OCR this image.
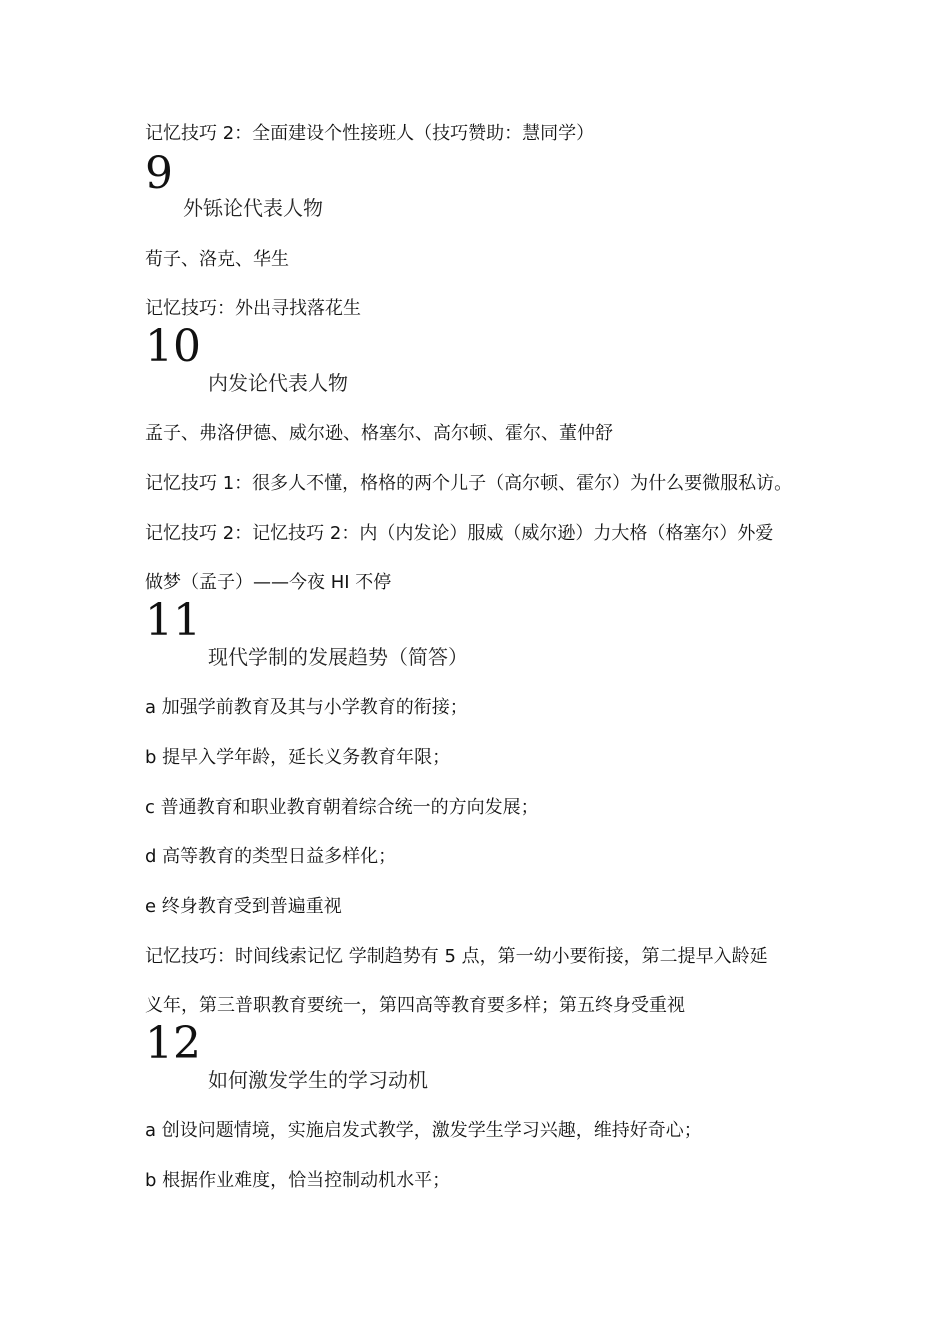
记忆技巧 2：全面建设个性接班人（技巧赞助：慧同学）
9
外铄论代表人物
荀子、洛克、华生
记忆技巧：外出寻找落花生
10
内发论代表人物
孟子、弗洛伊德、威尔逊、格塞尔、高尔顿、霍尔、董仲舒
记忆技巧 1：很多人不懂，格格的两个儿子（高尔顿、霍尔）为什么要微服私访。
记忆技巧 2：记忆技巧 2：内（内发论）服威（威尔逊）力大格（格塞尔）外爱
做梦（孟子）——今夜 HI 不停
11
现代学制的发展趋势（简答）
a 加强学前教育及其与小学教育的衔接；
b 提早入学年龄，延长义务教育年限；
c 普通教育和职业教育朝着综合统一的方向发展；
d 高等教育的类型日益多样化；
e 终身教育受到普遍重视
记忆技巧：时间线索记忆 学制趋势有 5 点，第一幼小要衔接，第二提早入龄延
义年，第三普职教育要统一，第四高等教育要多样；第五终身受重视
12
如何激发学生的学习动机
a 创设问题情境，实施启发式教学，激发学生学习兴趣，维持好奇心；
b 根据作业难度，恰当控制动机水平；
